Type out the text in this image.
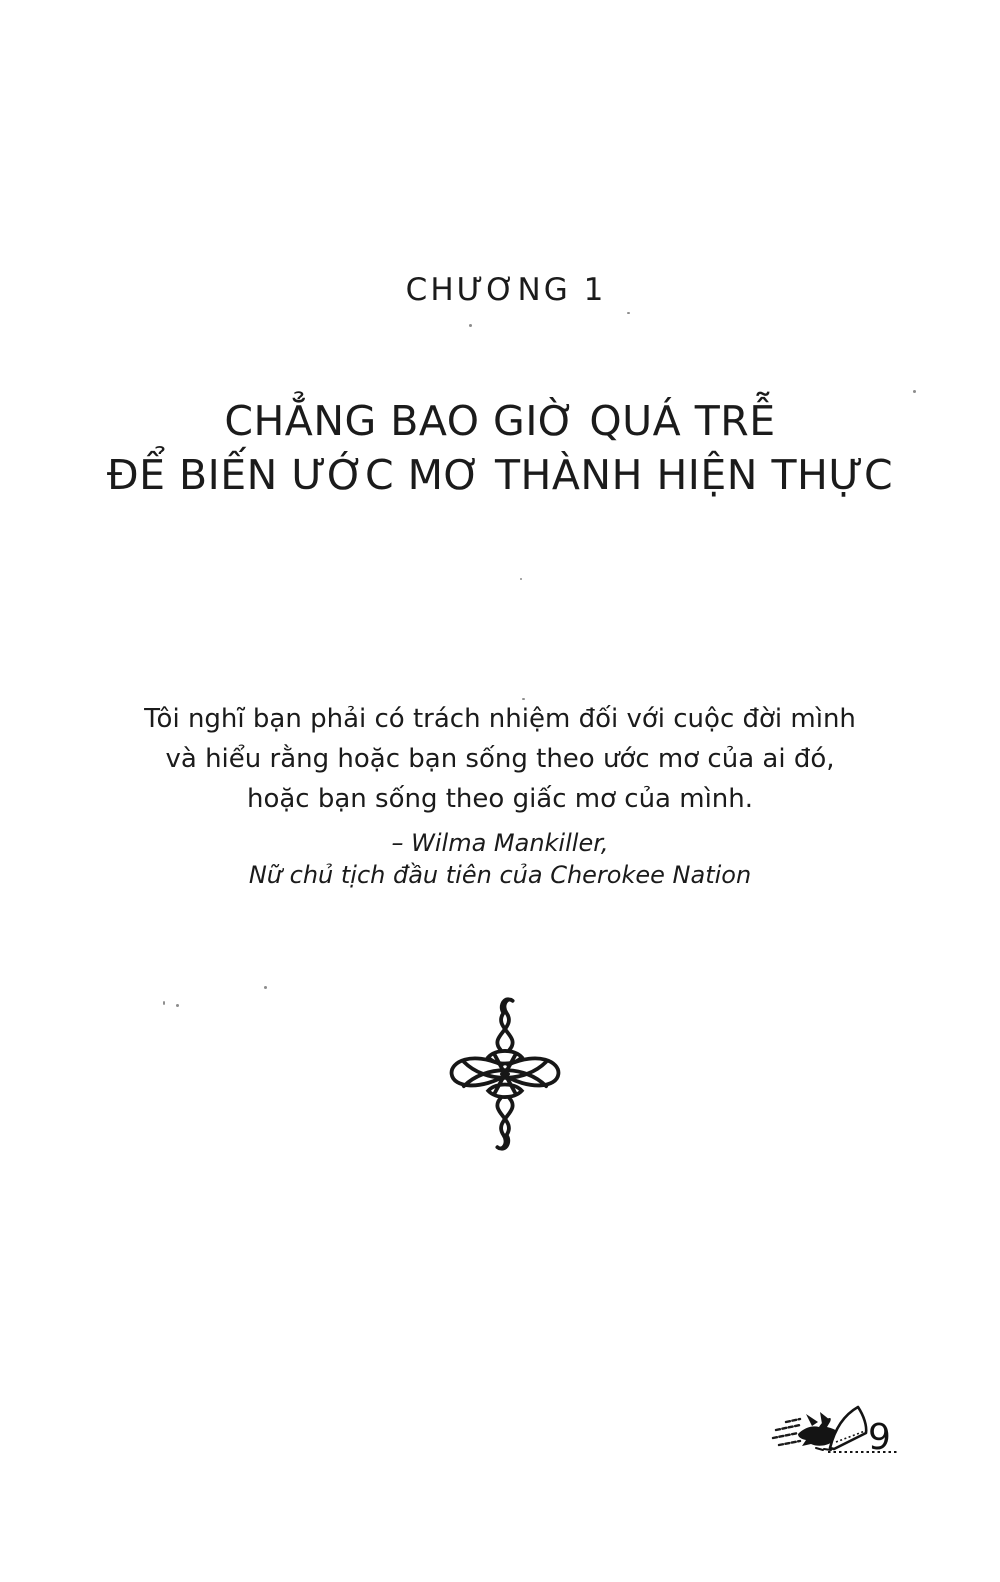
CHƯƠNG 1
CHẲNG BAO GIỜ QUÁ TRỄ
ĐỂ BIẾN ƯỚC MƠ THÀNH HIỆN THỰC

Tôi nghĩ bạn phải có trách nhiệm đối với cuộc đời mình

và hiểu rằng hoặc bạn sống theo ước mơ của ai đó,

hoặc bạn sống theo giấc mơ của mình.

– Wilma Mankiller,

Nữ chủ tịch đầu tiên của Cherokee Nation

9
